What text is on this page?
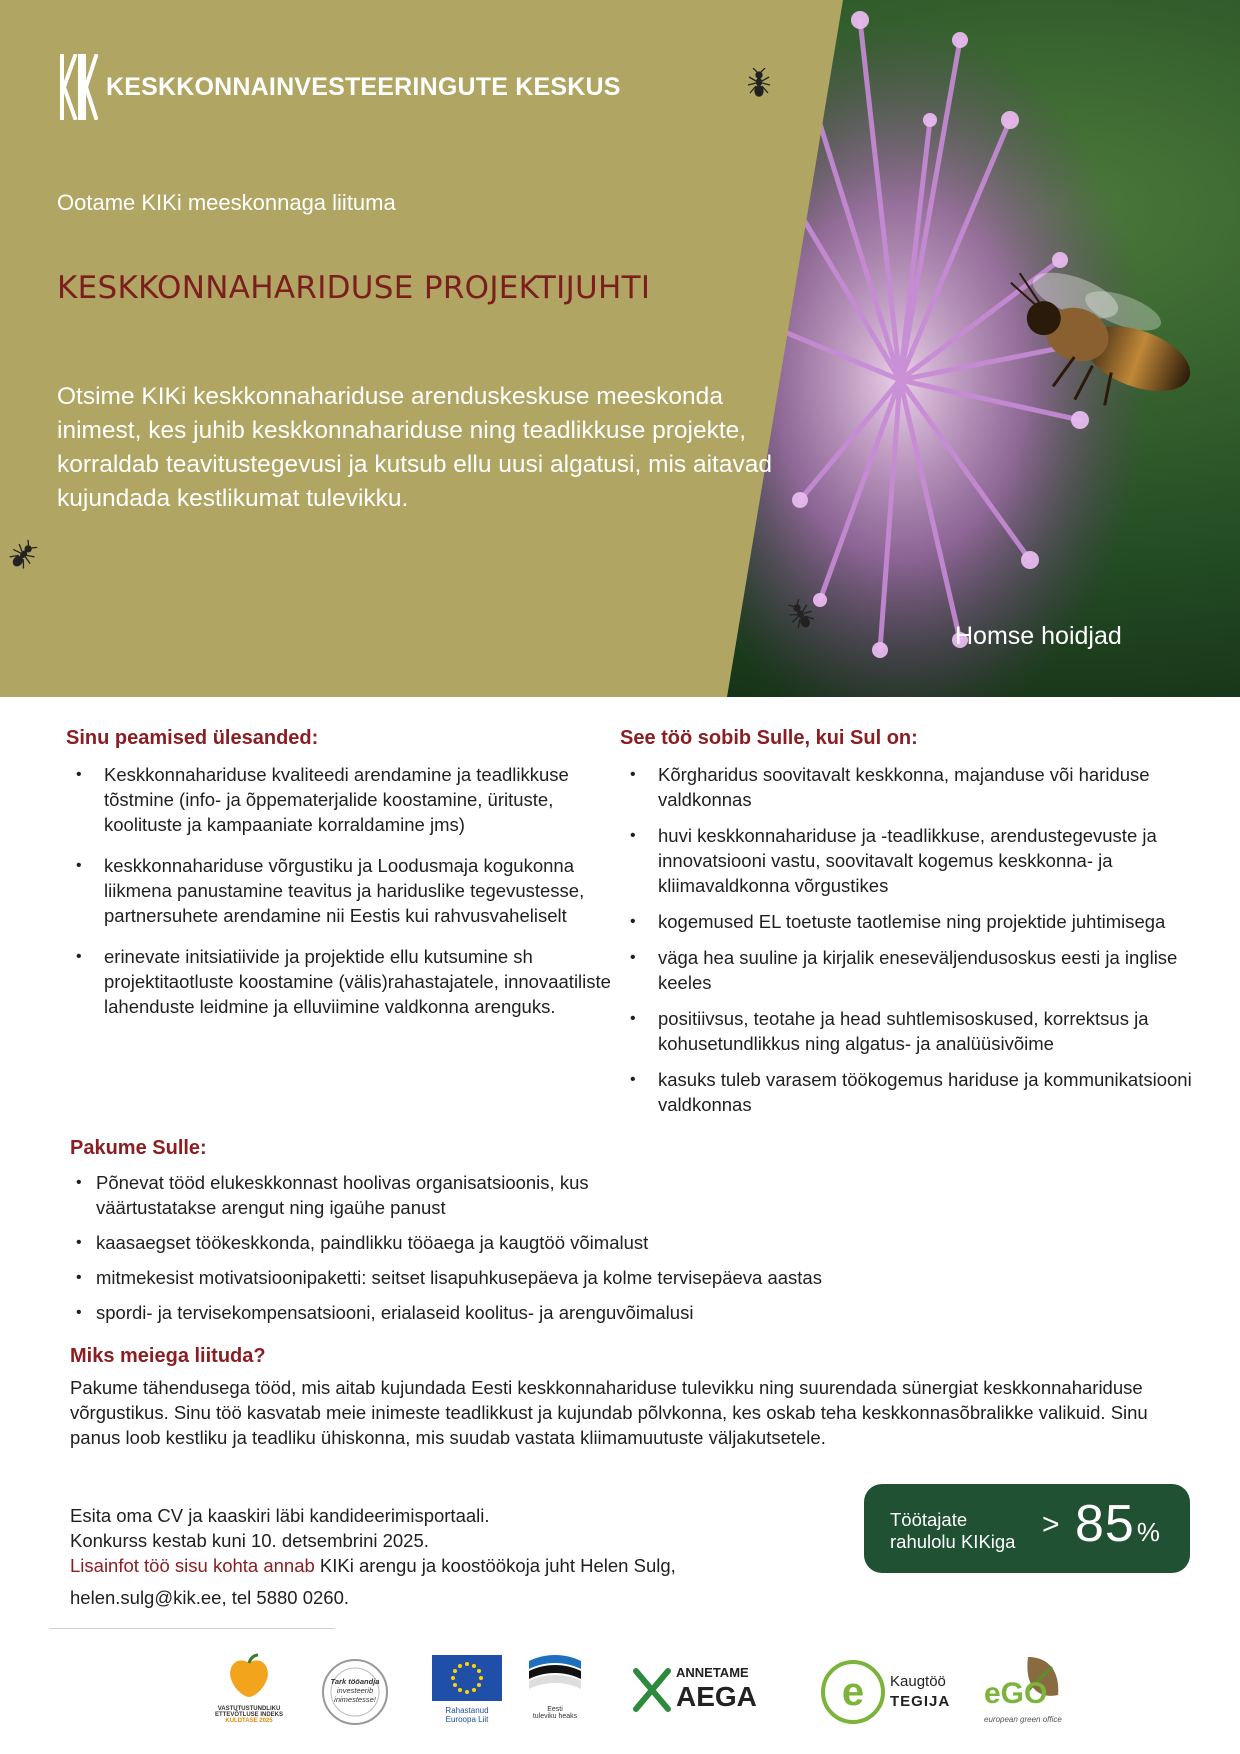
KESKKONNAINVESTEERINGUTE KESKUS
Ootame KIKi meeskonnaga liituma
KESKKONNAHARIDUSE PROJEKTIJUHTI

Otsime KIKi keskkonnahariduse arenduskeskuse meeskonda inimest, kes juhib keskkonnahariduse ning teadlikkuse projekte, korraldab teavitustegevusi ja kutsub ellu uusi algatusi, mis aitavad kujundada kestlikumat tulevikku.

Homse hoidjad
Sinu peamised ülesanded:
• Keskkonnahariduse kvaliteedi arendamine ja teadlikkuse tõstmine (info- ja õppematerjalide koostamine, ürituste, koolituste ja kampaaniate korraldamine jms)
• keskkonnahariduse võrgustiku ja Loodusmaja kogukonna liikmena panustamine teavitus ja hariduslike tegevustesse, partnersuhete arendamine nii Eestis kui rahvusvaheliselt
• erinevate initsiatiivide ja projektide ellu kutsumine sh projektitaotluste koostamine (välis)rahastajatele, innovaatiliste lahenduste leidmine ja elluviimine valdkonna arenguks.
See töö sobib Sulle, kui Sul on:
• Kõrgharidus soovitavalt keskkonna, majanduse või hariduse valdkonnas
• huvi keskkonnahariduse ja -teadlikkuse, arendustegevuste ja innovatsiooni vastu, soovitavalt kogemus keskkonna- ja kliimavaldkonna võrgustikes
• kogemused EL toetuste taotlemise ning projektide juhtimisega
• väga hea suuline ja kirjalik eneseväljendusoskus eesti ja inglise keeles
• positiivsus, teotahe ja head suhtlemisoskused, korrektsus ja kohusetundlikkus ning algatus- ja analüüsivõime
• kasuks tuleb varasem töökogemus hariduse ja kommunikatsiooni valdkonnas
Pakume Sulle:
• Põnevat tööd elukeskkonnast hoolivas organisatsioonis, kus väärtustatakse arengut ning igaühe panust
• kaasaegset töökeskkonda, paindlikku tööaega ja kaugtöö võimalust
• mitmekesist motivatsioonipaketti: seitset lisapuhkusepäeva ja kolme tervisepäeva aastas
• spordi- ja tervisekompensatsiooni, erialaseid koolitus- ja arenguvõimalusi
Miks meiega liituda?

Pakume tähendusega tööd, mis aitab kujundada Eesti keskkonnahariduse tulevikku ning suurendada sünergiat keskkonnahariduse võrgustikus. Sinu töö kasvatab meie inimeste teadlikkust ja kujundab põlvkonna, kes oskab teha keskkonnasõbralikke valikuid. Sinu panus loob kestliku ja teadliku ühiskonna, mis suudab vastata kliimamuutuste väljakutsetele.

Esita oma CV ja kaaskiri läbi kandideerimisportaali.

Konkurss kestab kuni 10. detsembrini 2025.

Lisainfot töö sisu kohta annab KIKi arengu ja koostöökoja juht Helen Sulg,

helen.sulg@kik.ee, tel 5880 0260.

Töötajate
rahulolu KIKiga
> 85%
VASTUTUSTUNDLIKU
ETTEVÕTLUSE INDEKS
KULDTASE 2025
Tark tööandja
investeerib
inimestesse!
Rahastanud
Euroopa Liit
Eesti
tuleviku heaks
ANNETAME
AEGA e Kaugtöö
TEGIJA eGO
european green office
